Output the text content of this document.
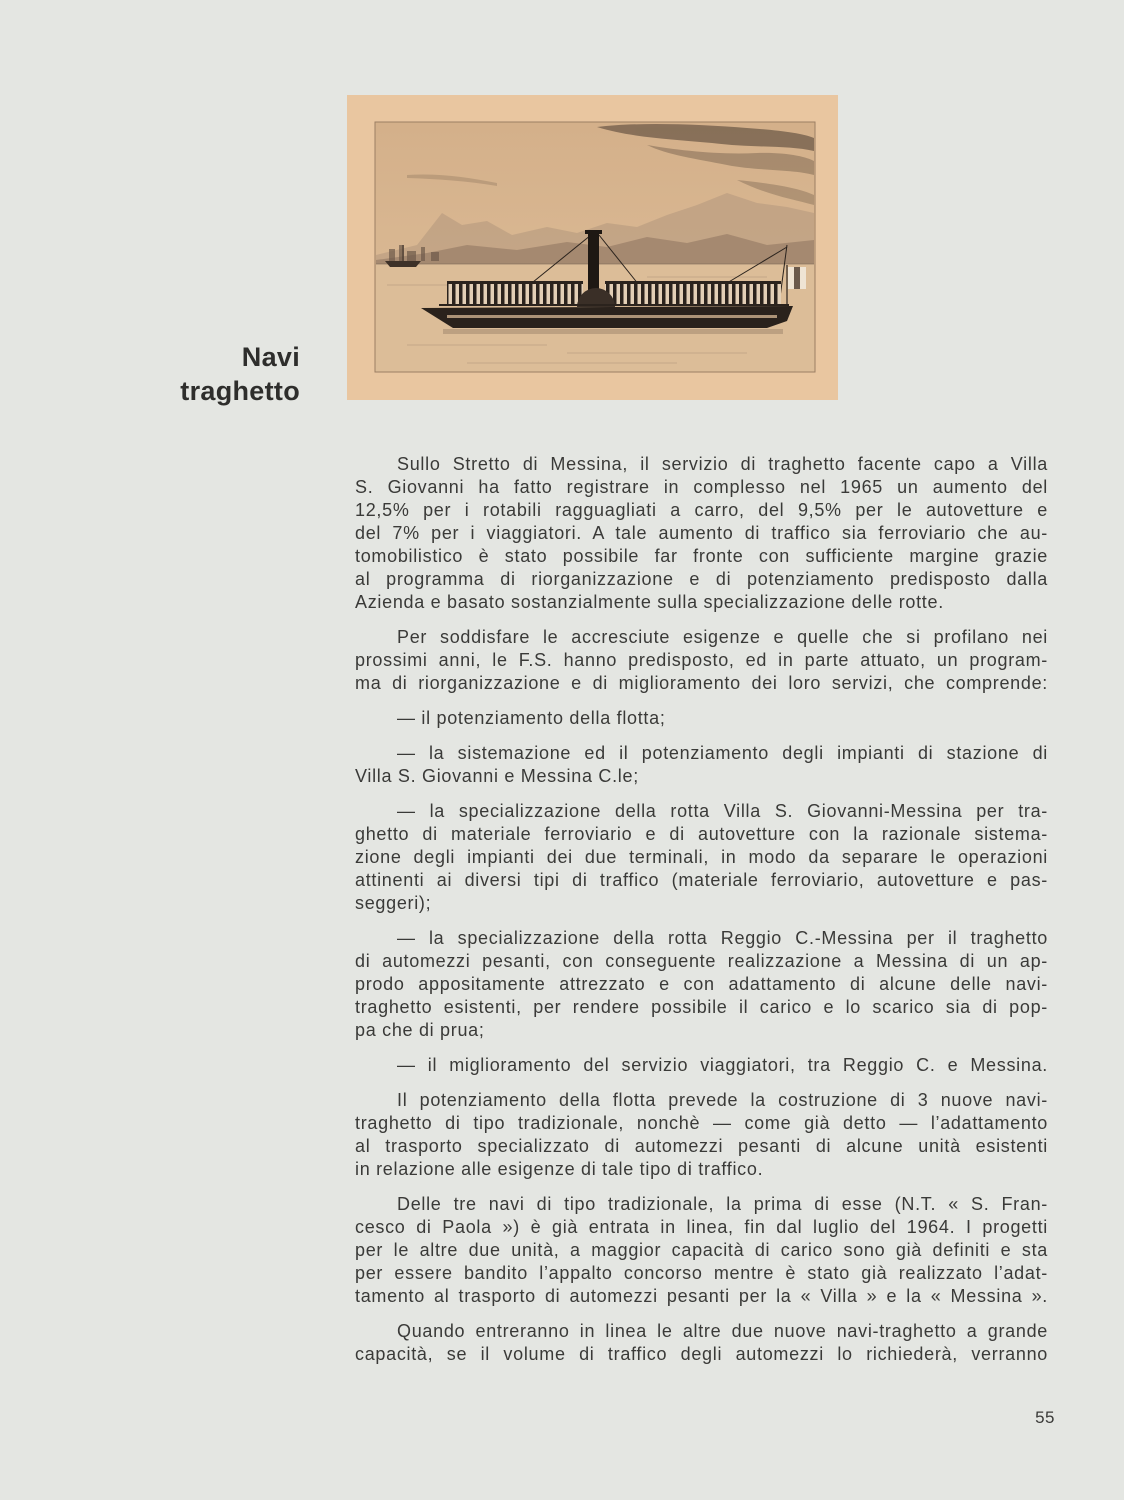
Navi
traghetto
Sullo Stretto di Messina, il servizio di traghetto facente capo a Villa
S. Giovanni ha fatto registrare in complesso nel 1965 un aumento del
12,5% per i rotabili ragguagliati a carro, del 9,5% per le autovetture e
del 7% per i viaggiatori. A tale aumento di traffico sia ferroviario che au-
tomobilistico è stato possibile far fronte con sufficiente margine grazie
al programma di riorganizzazione e di potenziamento predisposto dalla
Azienda e basato sostanzialmente sulla specializzazione delle rotte.
Per soddisfare le accresciute esigenze e quelle che si profilano nei
prossimi anni, le F.S. hanno predisposto, ed in parte attuato, un program-
ma di riorganizzazione e di miglioramento dei loro servizi, che comprende:
— il potenziamento della flotta;
— la sistemazione ed il potenziamento degli impianti di stazione di
Villa S. Giovanni e Messina C.le;
— la specializzazione della rotta Villa S. Giovanni-Messina per tra-
ghetto di materiale ferroviario e di autovetture con la razionale sistema-
zione degli impianti dei due terminali, in modo da separare le operazioni
attinenti ai diversi tipi di traffico (materiale ferroviario, autovetture e pas-
seggeri);
— la specializzazione della rotta Reggio C.-Messina per il traghetto
di automezzi pesanti, con conseguente realizzazione a Messina di un ap-
prodo appositamente attrezzato e con adattamento di alcune delle navi-
traghetto esistenti, per rendere possibile il carico e lo scarico sia di pop-
pa che di prua;
— il miglioramento del servizio viaggiatori, tra Reggio C. e Messina.
Il potenziamento della flotta prevede la costruzione di 3 nuove navi-
traghetto di tipo tradizionale, nonchè — come già detto — l’adattamento
al trasporto specializzato di automezzi pesanti di alcune unità esistenti
in relazione alle esigenze di tale tipo di traffico.
Delle tre navi di tipo tradizionale, la prima di esse (N.T. « S. Fran-
cesco di Paola ») è già entrata in linea, fin dal luglio del 1964. I progetti
per le altre due unità, a maggior capacità di carico sono già definiti e sta
per essere bandito l’appalto concorso mentre è stato già realizzato l’adat-
tamento al trasporto di automezzi pesanti per la « Villa » e la « Messina ».
Quando entreranno in linea le altre due nuove navi-traghetto a grande
capacità, se il volume di traffico degli automezzi lo richiederà, verranno
55
